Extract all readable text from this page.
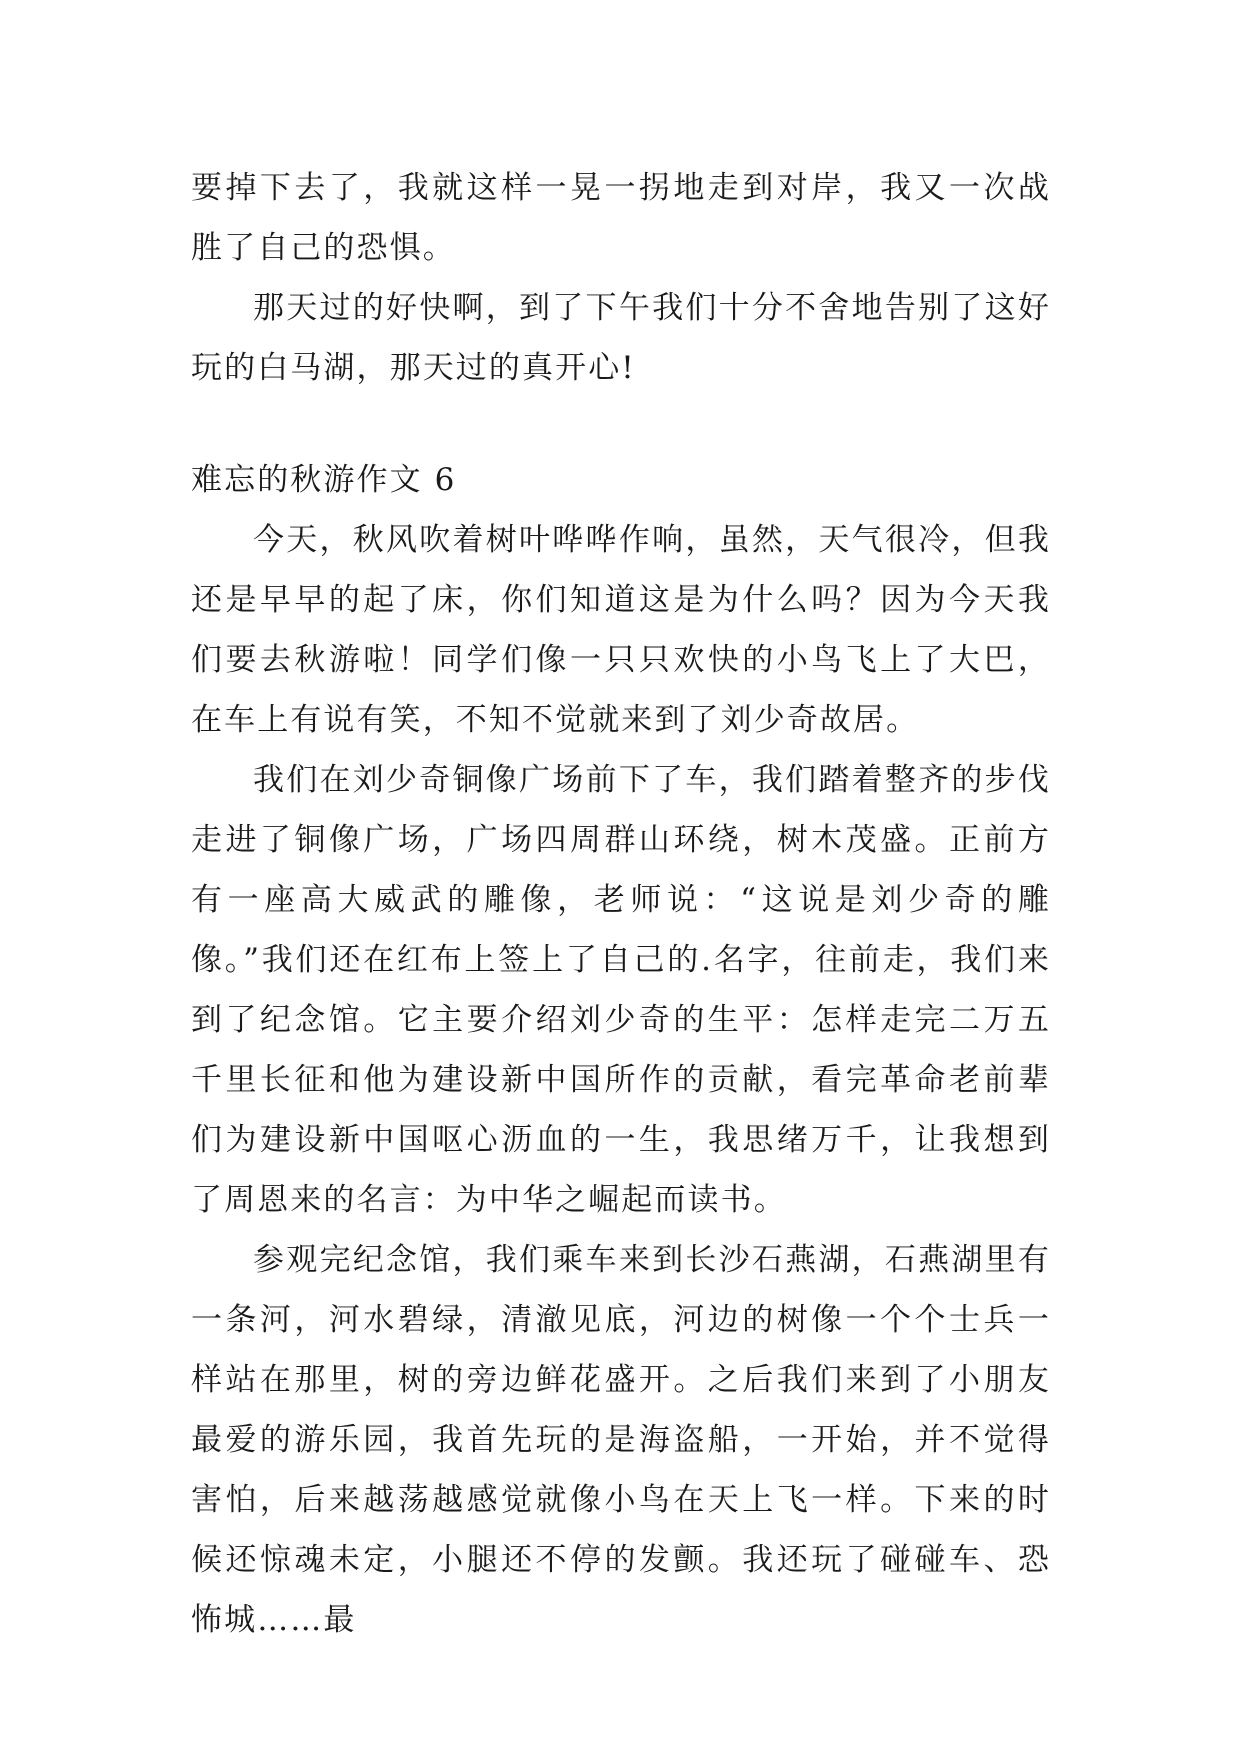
要掉下去了，我就这样一晃一拐地走到对岸，我又一次战胜了自己的恐惧。

那天过的好快啊，到了下午我们十分不舍地告别了这好玩的白马湖，那天过的真开心!

难忘的秋游作文 6

今天，秋风吹着树叶哗哗作响，虽然，天气很冷，但我还是早早的起了床，你们知道这是为什么吗？因为今天我们要去秋游啦！同学们像一只只欢快的小鸟飞上了大巴，在车上有说有笑，不知不觉就来到了刘少奇故居。

我们在刘少奇铜像广场前下了车，我们踏着整齐的步伐走进了铜像广场，广场四周群山环绕，树木茂盛。正前方有一座高大威武的雕像，老师说：“这说是刘少奇的雕像。”我们还在红布上签上了自己的.名字，往前走，我们来到了纪念馆。它主要介绍刘少奇的生平：怎样走完二万五千里长征和他为建设新中国所作的贡献，看完革命老前辈们为建设新中国呕心沥血的一生，我思绪万千，让我想到了周恩来的名言：为中华之崛起而读书。

参观完纪念馆，我们乘车来到长沙石燕湖，石燕湖里有一条河，河水碧绿，清澈见底，河边的树像一个个士兵一样站在那里，树的旁边鲜花盛开。之后我们来到了小朋友最爱的游乐园，我首先玩的是海盗船，一开始，并不觉得害怕，后来越荡越感觉就像小鸟在天上飞一样。下来的时候还惊魂未定，小腿还不停的发颤。我还玩了碰碰车、恐怖城……最
